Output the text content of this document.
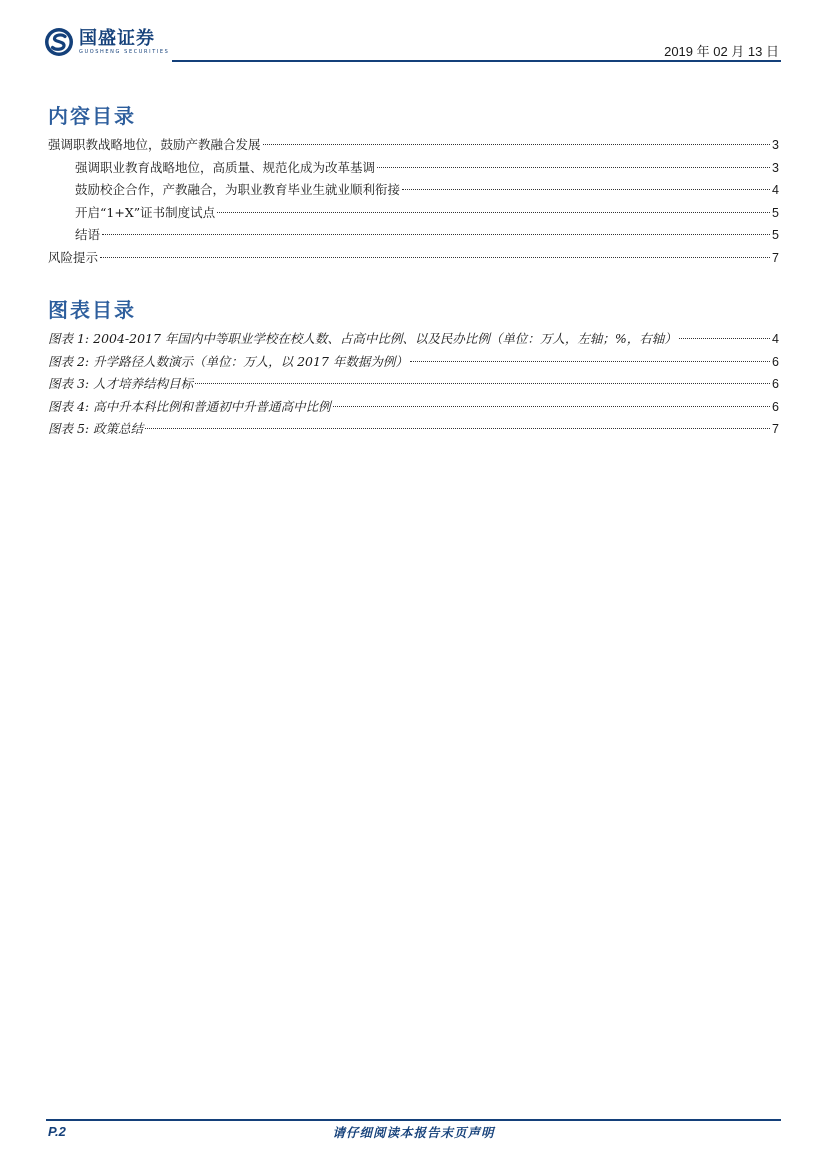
国盛证券
GUOSHENG SECURITIES	2019 年 02 月 13 日
内容目录
强调职教战略地位，鼓励产教融合发展	3
强调职业教育战略地位，高质量、规范化成为改革基调	3
鼓励校企合作，产教融合，为职业教育毕业生就业顺利衔接	4
开启“1+X”证书制度试点	5
结语	5
风险提示	7
图表目录
图表 1: 2004-2017 年国内中等职业学校在校人数、占高中比例、以及民办比例（单位：万人，左轴；%，右轴）	4
图表 2: 升学路径人数演示（单位：万人，以 2017 年数据为例）	6
图表 3: 人才培养结构目标	6
图表 4: 高中升本科比例和普通初中升普通高中比例	6
图表 5: 政策总结	7
P.2	请仔细阅读本报告末页声明
